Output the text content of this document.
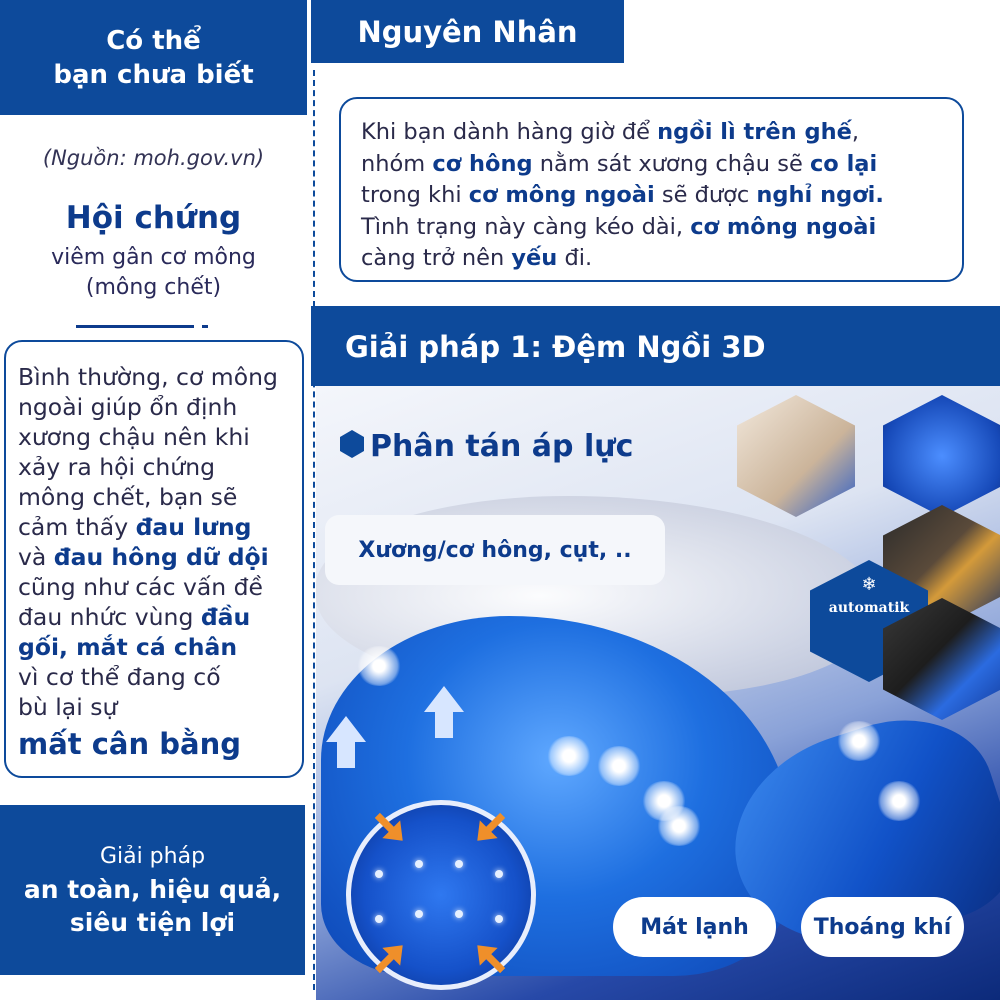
Có thể
bạn chưa biết
(Nguồn: moh.gov.vn)
Hội chứng
viêm gân cơ mông
(mông chết)
Bình thường, cơ mông
ngoài giúp ổn định
xương chậu nên khi
xảy ra hội chứng
mông chết, bạn sẽ
cảm thấy đau lưng
và đau hông dữ dội
cũng như các vấn đề
đau nhức vùng đầu
gối, mắt cá chân
vì cơ thể đang cố
bù lại sự
mất cân bằng
Giải pháp
an toàn, hiệu quả,
siêu tiện lợi
Nguyên Nhân
Khi bạn dành hàng giờ để ngồi lì trên ghế,
nhóm cơ hông nằm sát xương chậu sẽ co lại
trong khi cơ mông ngoài sẽ được nghỉ ngơi.
Tình trạng này càng kéo dài, cơ mông ngoài
càng trở nên yếu đi.
Giải pháp 1: Đệm Ngồi 3D
Phân tán áp lực
Xương/cơ hông, cụt, ..
❄
automatik
Mát lạnh	Thoáng khí
